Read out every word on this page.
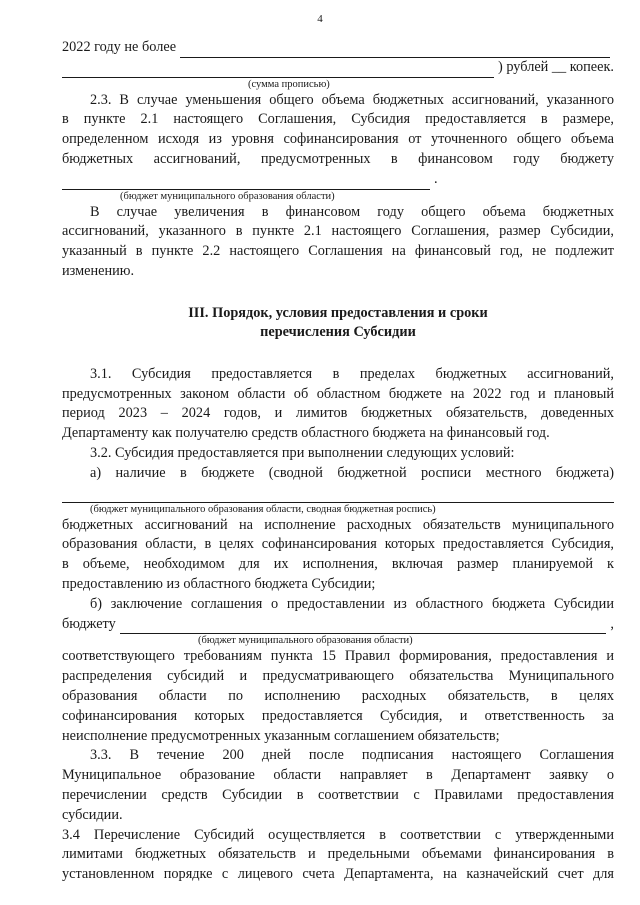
4
2022 году не более
) рублей __ копеек.
(сумма прописью)
2.3. В случае уменьшения общего объема бюджетных ассигнований, указанного
в пункте 2.1 настоящего Соглашения, Субсидия предоставляется в размере,
определенном исходя из уровня софинансирования от уточненного общего объема
бюджетных ассигнований, предусмотренных в финансовом году бюджету
.
(бюджет муниципального образования области)
В случае увеличения в финансовом году общего объема бюджетных
ассигнований, указанного в пункте 2.1 настоящего Соглашения, размер Субсидии,
указанный в пункте 2.2 настоящего Соглашения на финансовый год, не подлежит
изменению.
III. Порядок, условия предоставления и сроки
перечисления Субсидии
3.1. Субсидия предоставляется в пределах бюджетных ассигнований,
предусмотренных законом области об областном бюджете на 2022 год и плановый
период 2023 – 2024 годов, и лимитов бюджетных обязательств, доведенных
Департаменту как получателю средств областного бюджета на финансовый год.
3.2. Субсидия предоставляется при выполнении следующих условий:
а) наличие в бюджете (сводной бюджетной росписи местного бюджета)
(бюджет муниципального образования области, сводная бюджетная роспись)
бюджетных ассигнований на исполнение расходных обязательств муниципального
образования области, в целях софинансирования которых предоставляется Субсидия,
в объеме, необходимом для их исполнения, включая размер планируемой к
предоставлению из областного бюджета Субсидии;
б) заключение соглашения о предоставлении из областного бюджета Субсидии
бюджету	,
(бюджет муниципального образования области)
соответствующего требованиям пункта 15 Правил формирования, предоставления и
распределения субсидий и предусматривающего обязательства Муниципального
образования области по исполнению расходных обязательств, в целях
софинансирования которых предоставляется Субсидия, и ответственность за
неисполнение предусмотренных указанным соглашением обязательств;
3.3. В течение 200 дней после подписания настоящего Соглашения
Муниципальное образование области направляет в Департамент заявку о
перечислении средств Субсидии в соответствии с Правилами предоставления
субсидии.
3.4 Перечисление Субсидий осуществляется в соответствии с утвержденными
лимитами бюджетных обязательств и предельными объемами финансирования в
установленном порядке с лицевого счета Департамента, на казначейский счет для
